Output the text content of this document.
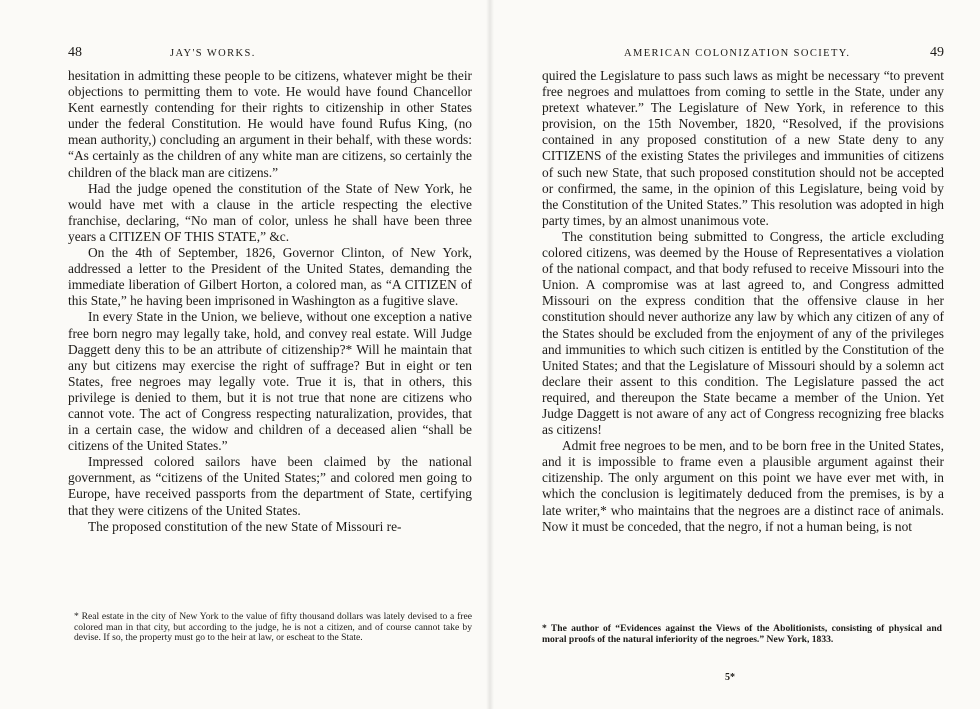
48	JAY'S WORKS.

hesitation in admitting these people to be citizens, whatever might be their objections to permitting them to vote. He would have found Chancellor Kent earnestly contending for their rights to citizenship in other States under the federal Constitution. He would have found Rufus King, (no mean authority,) concluding an argument in their behalf, with these words: “As certainly as the children of any white man are citizens, so certainly the children of the black man are citizens.”

Had the judge opened the constitution of the State of New York, he would have met with a clause in the article respecting the elective franchise, declaring, “No man of color, unless he shall have been three years a CITIZEN OF THIS STATE,” &c.

On the 4th of September, 1826, Governor Clinton, of New York, addressed a letter to the President of the United States, demanding the immediate liberation of Gilbert Horton, a colored man, as “A CITIZEN of this State,” he having been imprisoned in Washington as a fugitive slave.

In every State in the Union, we believe, without one exception a native free born negro may legally take, hold, and convey real estate. Will Judge Daggett deny this to be an attribute of citizenship?* Will he maintain that any but citizens may exercise the right of suffrage? But in eight or ten States, free negroes may legally vote. True it is, that in others, this privilege is denied to them, but it is not true that none are citizens who cannot vote. The act of Congress respecting naturalization, provides, that in a certain case, the widow and children of a deceased alien “shall be citizens of the United States.”

Impressed colored sailors have been claimed by the national government, as “citizens of the United States;” and colored men going to Europe, have received passports from the department of State, certifying that they were citizens of the United States.

The proposed constitution of the new State of Missouri re-

* Real estate in the city of New York to the value of fifty thousand dollars was lately devised to a free colored man in that city, but according to the judge, he is not a citizen, and of course cannot take by devise. If so, the property must go to the heir at law, or escheat to the State.
AMERICAN COLONIZATION SOCIETY.	49

quired the Legislature to pass such laws as might be necessary “to prevent free negroes and mulattoes from coming to settle in the State, under any pretext whatever.” The Legislature of New York, in reference to this provision, on the 15th November, 1820, “Resolved, if the provisions contained in any proposed constitution of a new State deny to any CITIZENS of the existing States the privileges and immunities of citizens of such new State, that such proposed constitution should not be accepted or confirmed, the same, in the opinion of this Legislature, being void by the Constitution of the United States.” This resolution was adopted in high party times, by an almost unanimous vote.

The constitution being submitted to Congress, the article excluding colored citizens, was deemed by the House of Representatives a violation of the national compact, and that body refused to receive Missouri into the Union. A compromise was at last agreed to, and Congress admitted Missouri on the express condition that the offensive clause in her constitution should never authorize any law by which any citizen of any of the States should be excluded from the enjoyment of any of the privileges and immunities to which such citizen is entitled by the Constitution of the United States; and that the Legislature of Missouri should by a solemn act declare their assent to this condition. The Legislature passed the act required, and thereupon the State became a member of the Union. Yet Judge Daggett is not aware of any act of Congress recognizing free blacks as citizens!

Admit free negroes to be men, and to be born free in the United States, and it is impossible to frame even a plausible argument against their citizenship. The only argument on this point we have ever met with, in which the conclusion is legitimately deduced from the premises, is by a late writer,* who maintains that the negroes are a distinct race of animals. Now it must be conceded, that the negro, if not a human being, is not

* The author of “Evidences against the Views of the Abolitionists, consisting of physical and moral proofs of the natural inferiority of the negroes.” New York, 1833.
5*
